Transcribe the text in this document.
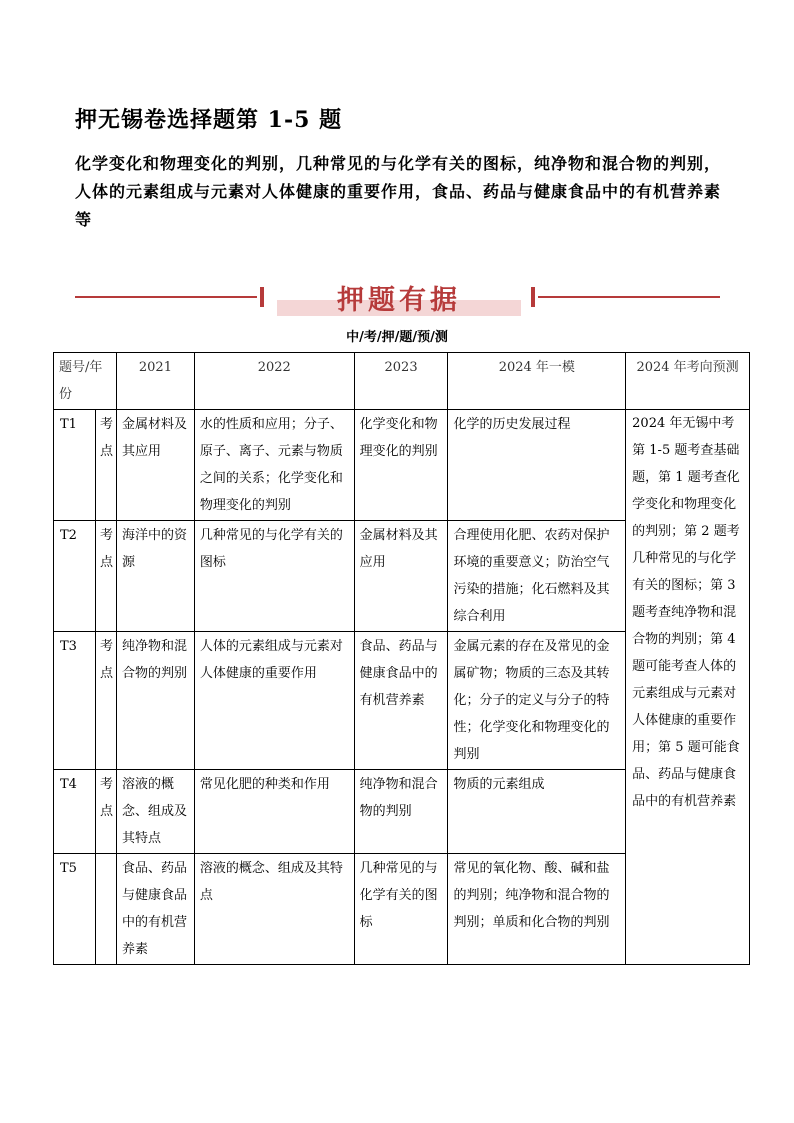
押无锡卷选择题第 1-5 题
化学变化和物理变化的判别，几种常见的与化学有关的图标，纯净物和混合物的判别，人体的元素组成与元素对人体健康的重要作用，食品、药品与健康食品中的有机营养素等
押题有据
中/考/押/题/预/测
题号/年份		2021	2022	2023	2024 年一模	2024 年考向预测
T1	考点	金属材料及其应用	水的性质和应用；分子、原子、离子、元素与物质之间的关系；化学变化和物理变化的判别	化学变化和物理变化的判别	化学的历史发展过程	2024 年无锡中考第 1-5 题考查基础题，第 1 题考查化学变化和物理变化的判别；第 2 题考几种常见的与化学有关的图标；第 3 题考查纯净物和混合物的判别；第 4 题可能考查人体的元素组成与元素对人体健康的重要作用；第 5 题可能食品、药品与健康食品中的有机营养素
T2	考点	海洋中的资源	几种常见的与化学有关的图标	金属材料及其应用	合理使用化肥、农药对保护环境的重要意义；防治空气污染的措施；化石燃料及其综合利用	
T3	考点	纯净物和混合物的判别	人体的元素组成与元素对人体健康的重要作用	食品、药品与健康食品中的有机营养素	金属元素的存在及常见的金属矿物；物质的三态及其转化；分子的定义与分子的特性；化学变化和物理变化的判别	
T4	考点	溶液的概念、组成及其特点	常见化肥的种类和作用	纯净物和混合物的判别	物质的元素组成	
T5		食品、药品与健康食品中的有机营养素	溶液的概念、组成及其特点	几种常见的与化学有关的图标	常见的氧化物、酸、碱和盐的判别；纯净物和混合物的判别；单质和化合物的判别	
